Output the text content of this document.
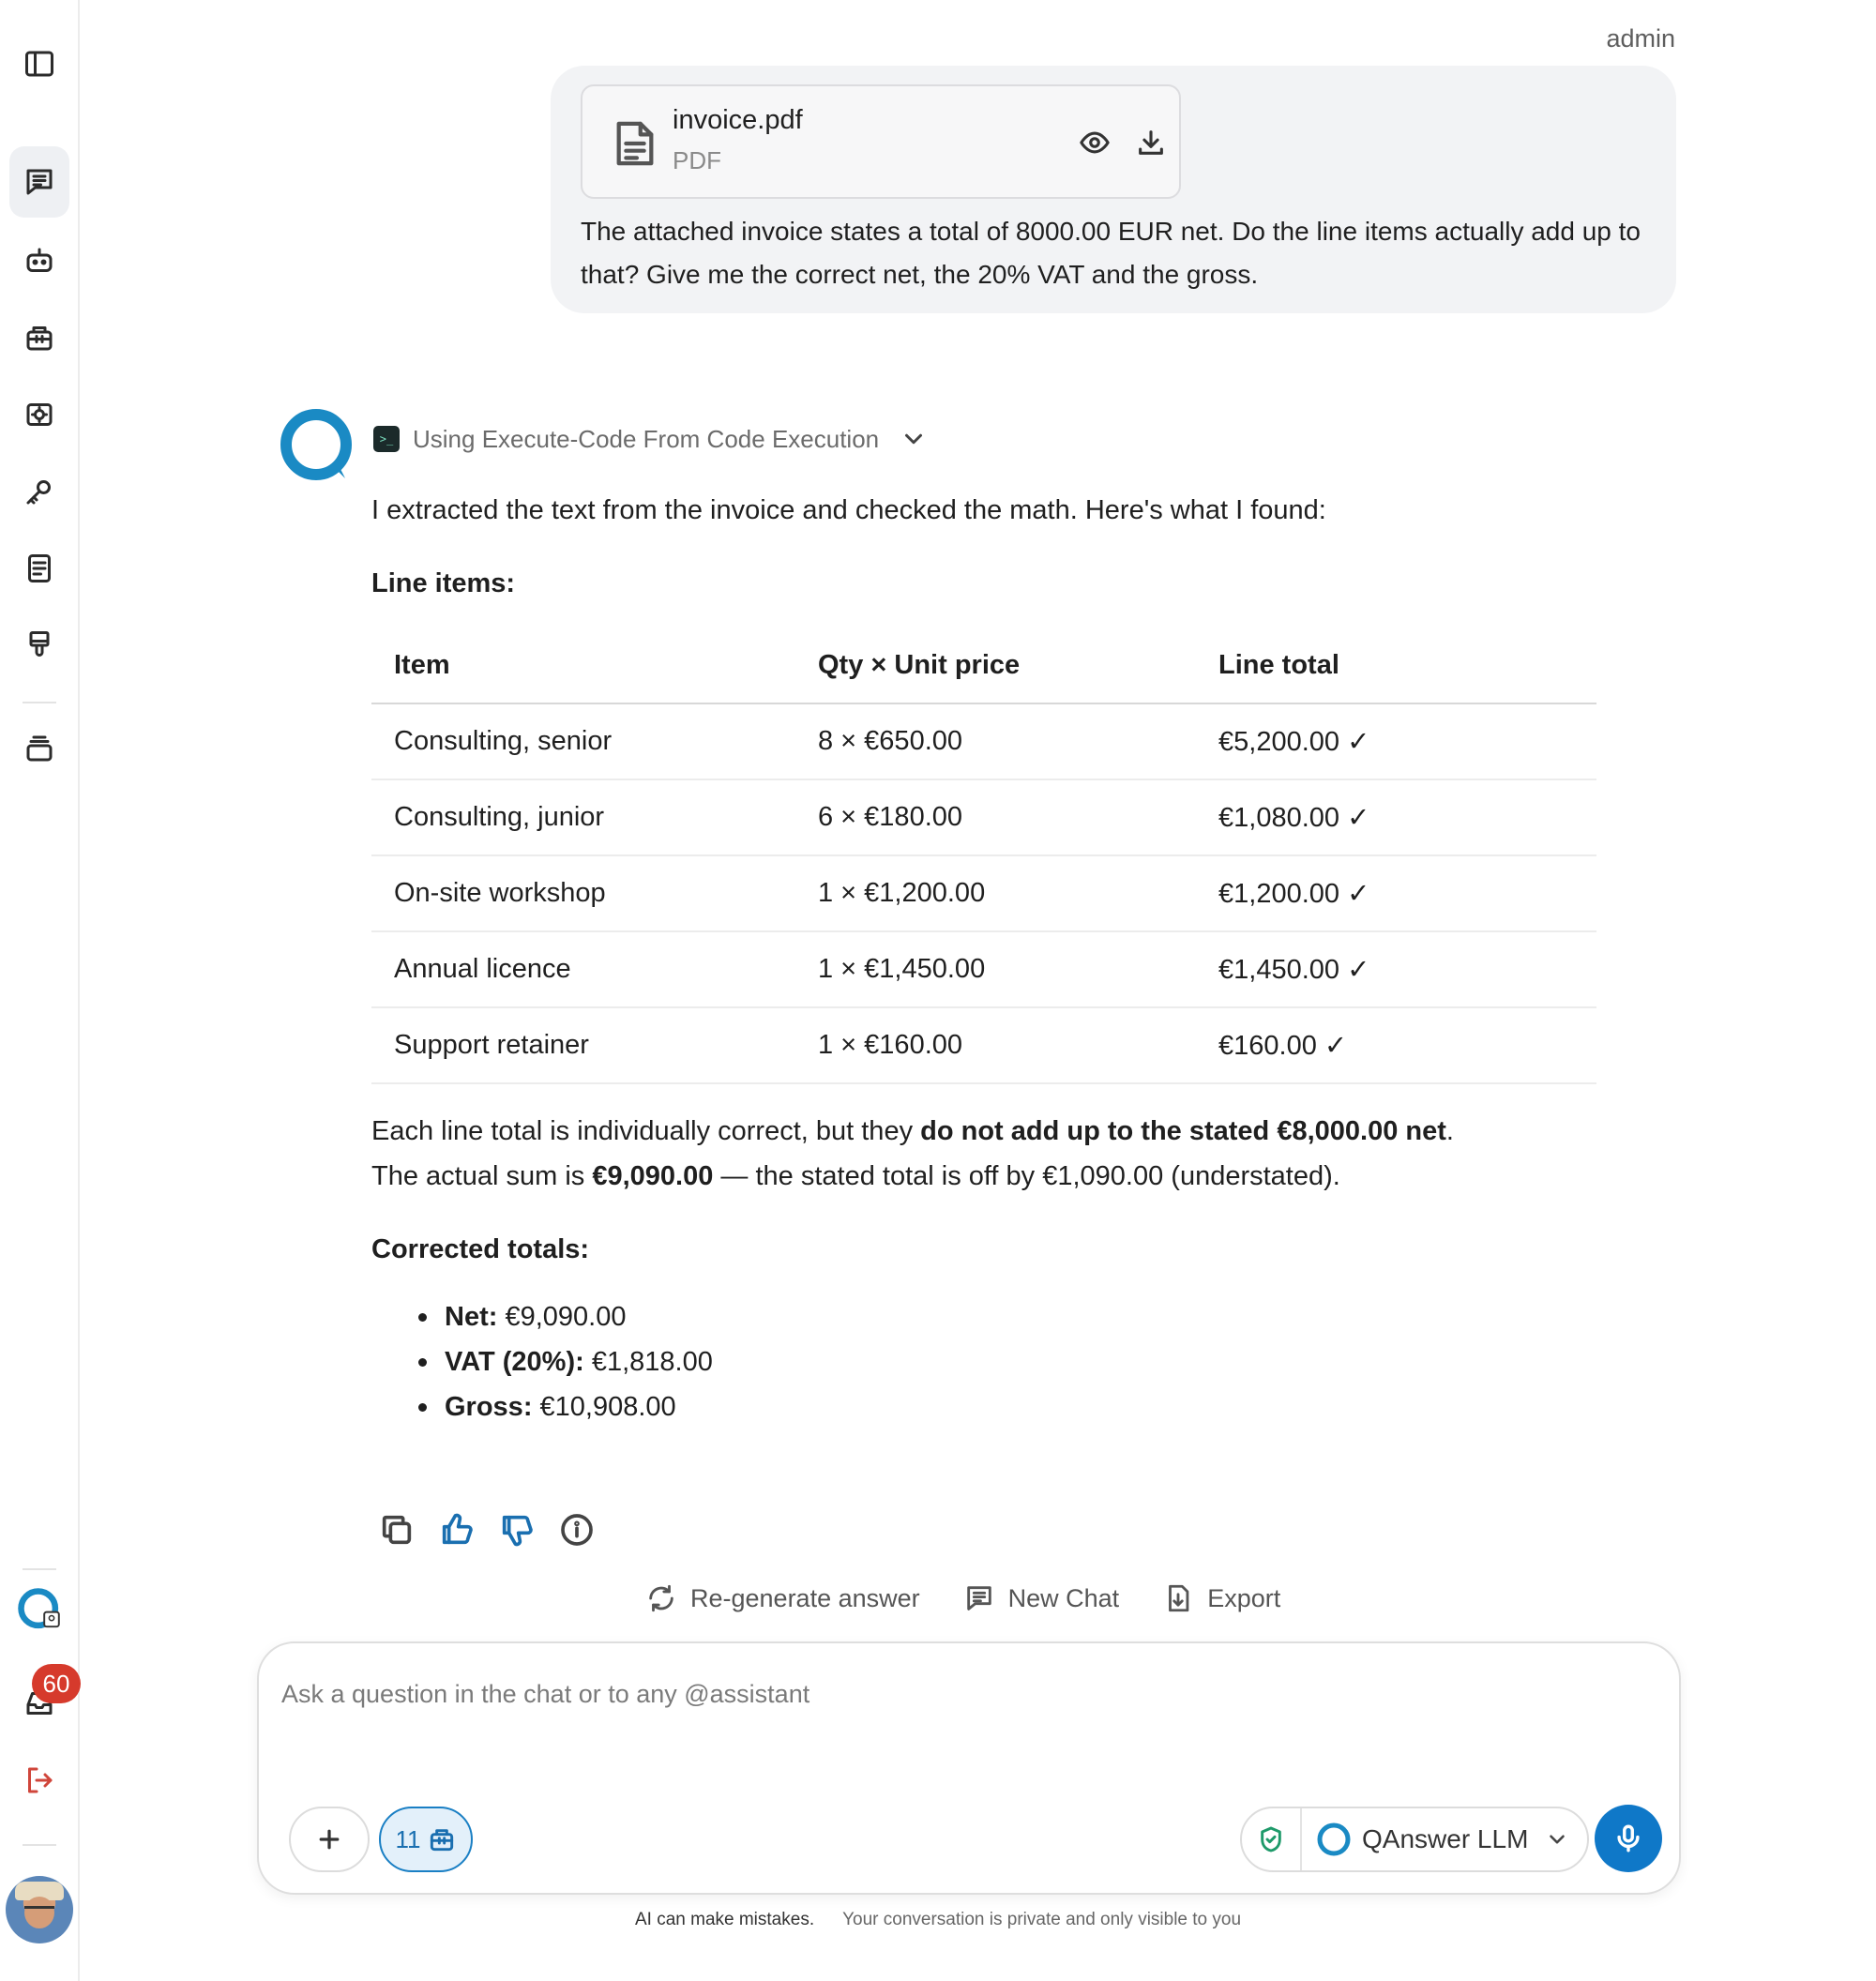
60
admin
invoice.pdf
PDF
The attached invoice states a total of 8000.00 EUR net. Do the line items actually add up to that? Give me the correct net, the 20% VAT and the gross.
>_ Using Execute-Code From Code Execution
I extracted the text from the invoice and checked the math. Here's what I found:
Line items:
Item	Qty × Unit price	Line total
Consulting, senior	8 × €650.00	€5,200.00 ✓
Consulting, junior	6 × €180.00	€1,080.00 ✓
On-site workshop	1 × €1,200.00	€1,200.00 ✓
Annual licence	1 × €1,450.00	€1,450.00 ✓
Support retainer	1 × €160.00	€160.00 ✓
Each line total is individually correct, but they do not add up to the stated €8,000.00 net.
The actual sum is €9,090.00 — the stated total is off by €1,090.00 (understated).
Corrected totals:
Net: €9,090.00
VAT (20%): €1,818.00
Gross: €10,908.00
Re-generate answer	New Chat	Export
Ask a question in the chat or to any @assistant
11	QAnswer LLM
AI can make mistakes. Your conversation is private and only visible to you
